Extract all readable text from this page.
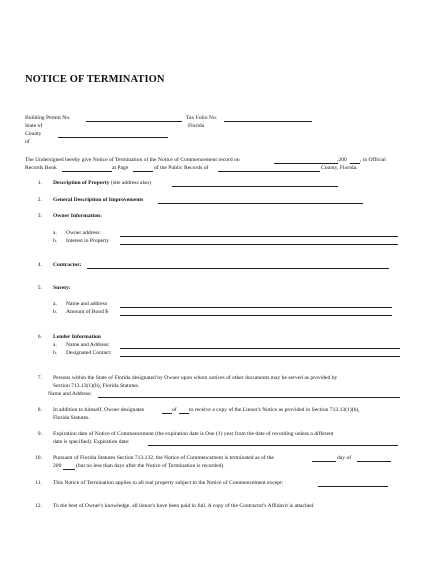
NOTICE OF TERMINATION
Building Permit No.	Tax Folio No.
State of	Florida
County
of
The Undersigned hereby give Notice of Termination of the Notice of Commencement record on	,200 , in Official
Records Book	at Page	of the Public Records of	County, Florida.
1. Description of Property (site address also)
2. General Description of Improvements
3. Owner Information:
a. Owner address:
b. Interest in Property
4. Contractor:
5. Surety:
a. Name and address
b. Amount of Bond $
6. Lender Information
a. Name and Address:
b. Designated Contact:
7. Persons within the State of Florida designated by Owner upon whom notices of other documents may be served as provided by
Section 713.13(1)(b), Florida Statutes.
Name and Address:
8. In addition to himself, Owner designates	of to receive a copy of the Lienor's Notice as provided in Section 713.13(1)(b),
Florida Statutes.
9. Expiration date of Notice of Commencement (the expiration date is One (1) year from the date of recording unless a different
date is specified). Expiration date:
10. Pursuant of Florida Statutes Section 713.132, the Notice of Commencement is terminated as of the	day of
200	(but no less than days after the Notice of Termination is recorded).
11. This Notice of Termination applies to all real property subject to the Notice of Commencement except:
12. To the best of Owner's knowledge, all lienor's have been paid in full. A copy of the Contractor's Affidavit is attached.
